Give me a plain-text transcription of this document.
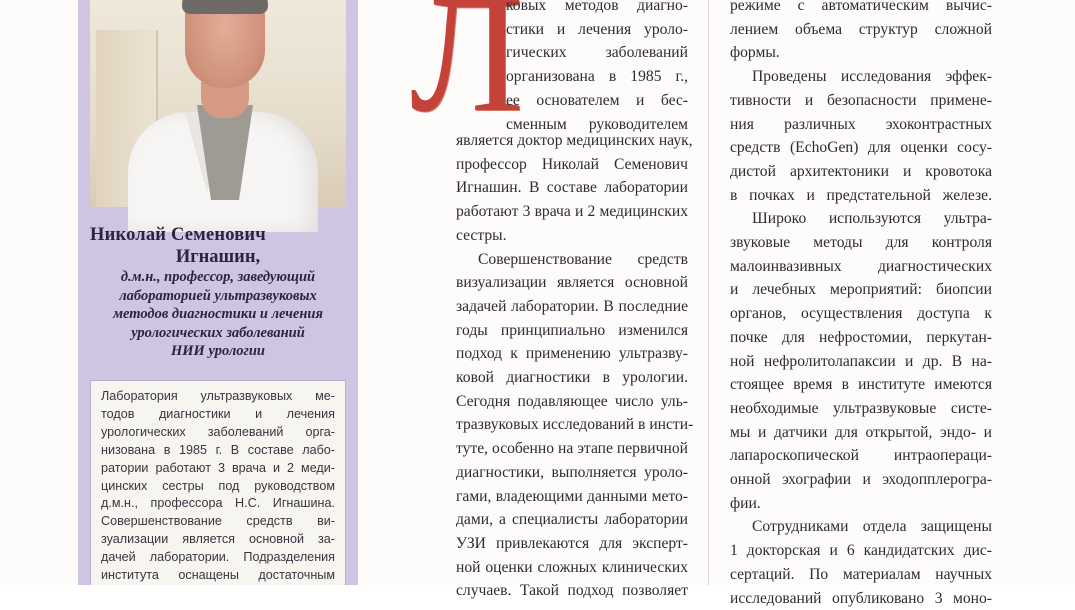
Николай Семенович
Игнашин,
д.м.н., профессор, заведующий
лабораторией ультразвуковых
методов диагностики и лечения
урологических заболеваний
НИИ урологии
Лаборатория ультразвуковых ме-
тодов диагностики и лечения
урологических заболеваний орга-
низована в 1985 г. В составе лабо-
ратории работают 3 врача и 2 меди-
цинских сестры под руководством
д.м.н., профессора Н.С. Игнашина.
Совершенствование средств ви-
зуализации является основной за-
дачей лаборатории. Подразделения
института оснащены достаточным
Л
ковых методов диагно-
стики и лечения уроло-
гических заболеваний
организована в 1985 г.,
ее основателем и бес-
сменным руководителем
является доктор медицинских наук,
профессор Николай Семенович
Игнашин. В составе лаборатории
работают 3 врача и 2 медицинских
сестры.
Совершенствование средств
визуализации является основной
задачей лаборатории. В последние
годы принципиально изменился
подход к применению ультразву-
ковой диагностики в урологии.
Сегодня подавляющее число уль-
тразвуковых исследований в инсти-
туте, особенно на этапе первичной
диагностики, выполняется уроло-
гами, владеющими данными мето-
дами, а специалисты лаборатории
УЗИ привлекаются для эксперт-
ной оценки сложных клинических
случаев. Такой подход позволяет
режиме с автоматическим вычис-
лением объема структур сложной
формы.
Проведены исследования эффек-
тивности и безопасности примене-
ния различных эхоконтрастных
средств (EchoGen) для оценки сосу-
дистой архитектоники и кровотока
в почках и предстательной железе.
Широко используются ультра-
звуковые методы для контроля
малоинвазивных диагностических
и лечебных мероприятий: биопсии
органов, осуществления доступа к
почке для нефростомии, перкутан-
ной нефролитолапаксии и др. В на-
стоящее время в институте имеются
необходимые ультразвуковые систе-
мы и датчики для открытой, эндо- и
лапароскопической интраопераци-
онной эхографии и эходопплерогра-
фии.
Сотрудниками отдела защищены
1 докторская и 6 кандидатских дис-
сертаций. По материалам научных
исследований опубликовано 3 моно-
